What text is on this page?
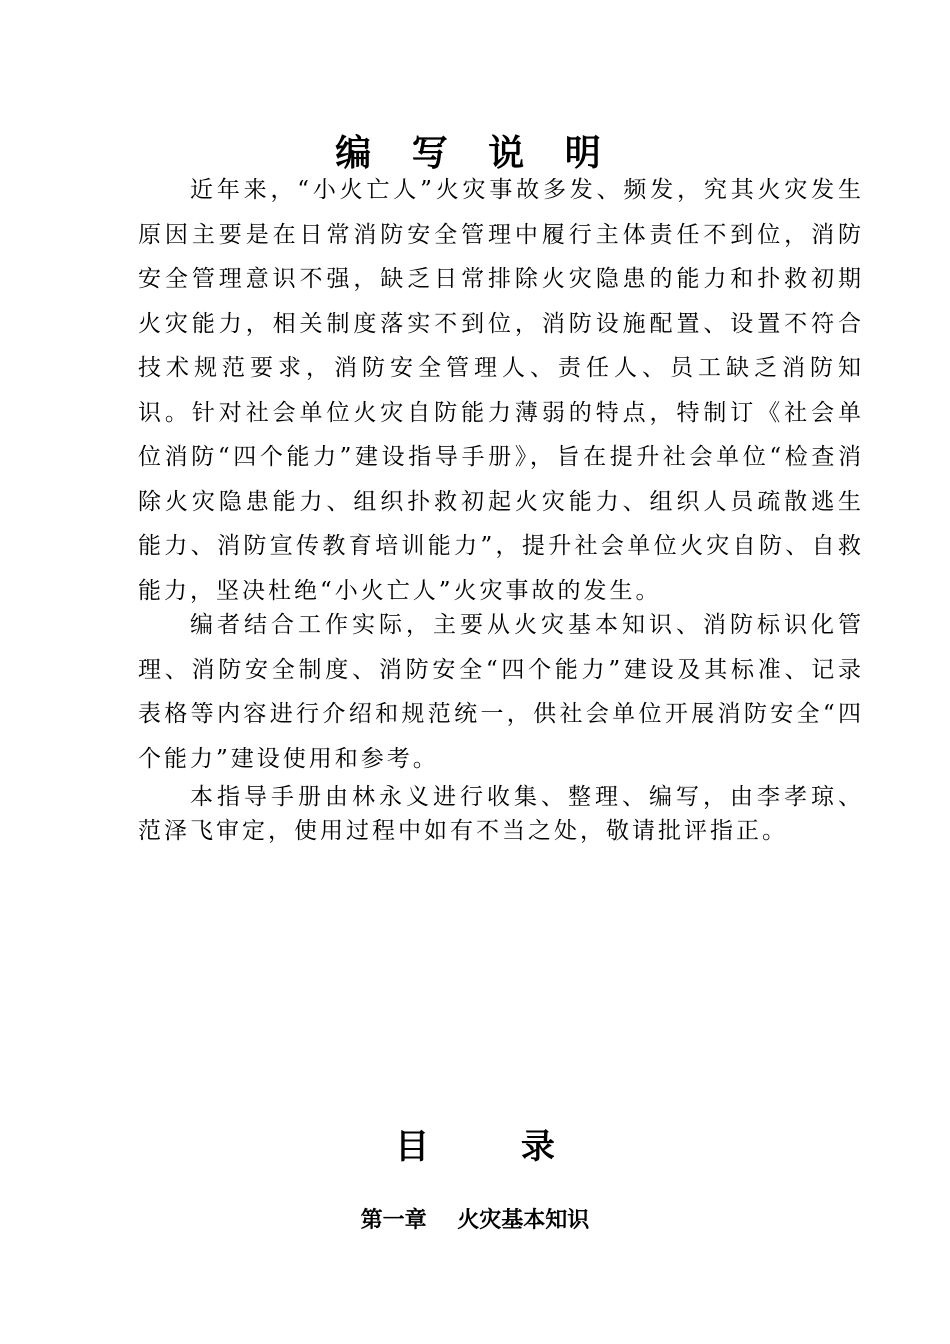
编 写 说 明

近年来，“小火亡人”火灾事故多发、频发，究其火灾发生原因主要是在日常消防安全管理中履行主体责任不到位，消防安全管理意识不强，缺乏日常排除火灾隐患的能力和扑救初期火灾能力，相关制度落实不到位，消防设施配置、设置不符合技术规范要求，消防安全管理人、责任人、员工缺乏消防知识。针对社会单位火灾自防能力薄弱的特点，特制订《社会单位消防“四个能力”建设指导手册》，旨在提升社会单位“检查消除火灾隐患能力、组织扑救初起火灾能力、组织人员疏散逃生能力、消防宣传教育培训能力”，提升社会单位火灾自防、自救能力，坚决杜绝“小火亡人”火灾事故的发生。

编者结合工作实际，主要从火灾基本知识、消防标识化管理、消防安全制度、消防安全“四个能力”建设及其标准、记录表格等内容进行介绍和规范统一，供社会单位开展消防安全“四个能力”建设使用和参考。

本指导手册由林永义进行收集、整理、编写，由李孝琼、范泽飞审定，使用过程中如有不当之处，敬请批评指正。

目 录

第一章    火灾基本知识
